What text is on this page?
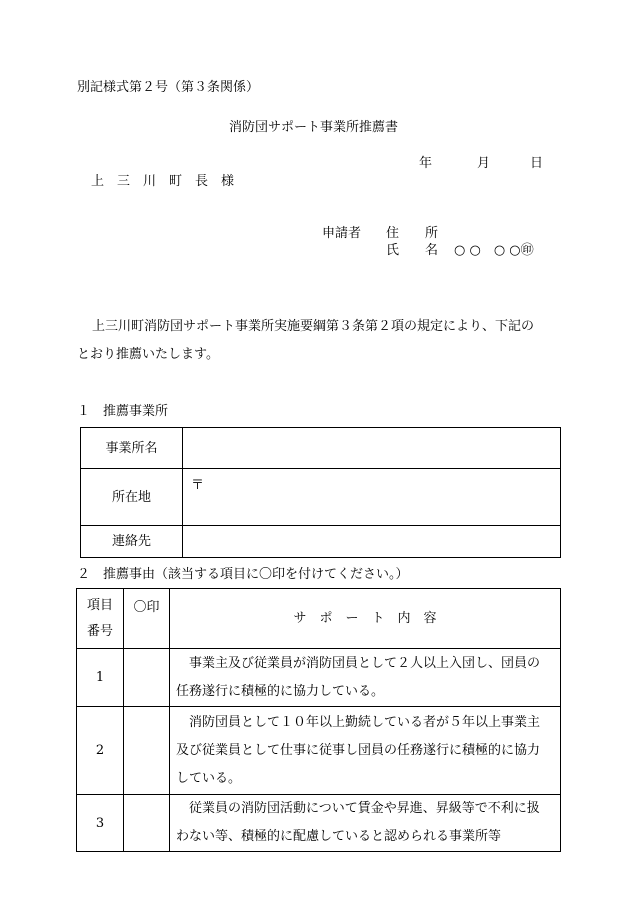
別記様式第２号（第３条関係）
消防団サポート事業所推薦書
年	月	日
上　三　川　町　長　様
申請者 住　　所
氏　　名 ○ ○　○ ○㊞
上三川町消防団サポート事業所実施要綱第３条第２項の規定により、下記の
とおり推薦いたします。
１　推薦事業所
事業所名	
所在地	〒
連絡先	
２　推薦事由（該当する項目に〇印を付けてください。）
項目
番号	〇印	サ　ポ　ー　ト　内　容
1		　事業主及び従業員が消防団員として２人以上入団し、団員の任務遂行に積極的に協力している。
2		　消防団員として１０年以上勤続している者が５年以上事業主及び従業員として仕事に従事し団員の任務遂行に積極的に協力している。
3		　従業員の消防団活動について賃金や昇進、昇級等で不利に扱わない等、積極的に配慮していると認められる事業所等
